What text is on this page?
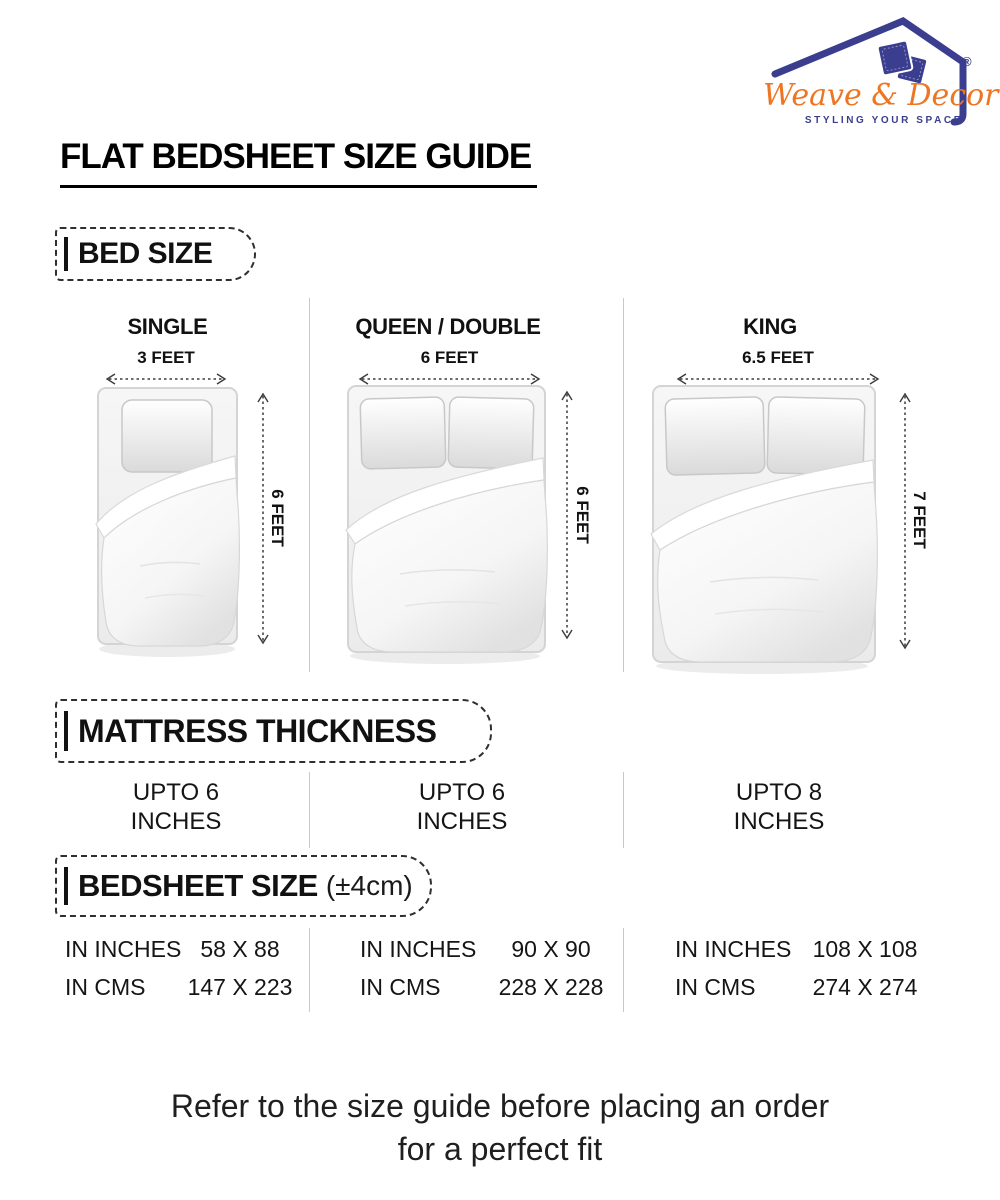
Weave & Decor
®
STYLING YOUR SPACE
FLAT BEDSHEET SIZE GUIDE
BED SIZE
SINGLE
3 FEET
6 FEET
QUEEN / DOUBLE
6 FEET
6 FEET
KING
6.5 FEET
7 FEET
MATTRESS THICKNESS
UPTO 6
INCHES
UPTO 6
INCHES
UPTO 8
INCHES
BEDSHEET SIZE (±4cm)
IN INCHES 58 X 88
IN CMS	147 X 223
IN INCHES	90 X 90
IN CMS	228 X 228
IN INCHES 108 X 108
IN CMS	274 X 274
Refer to the size guide before placing an order
for a perfect fit
